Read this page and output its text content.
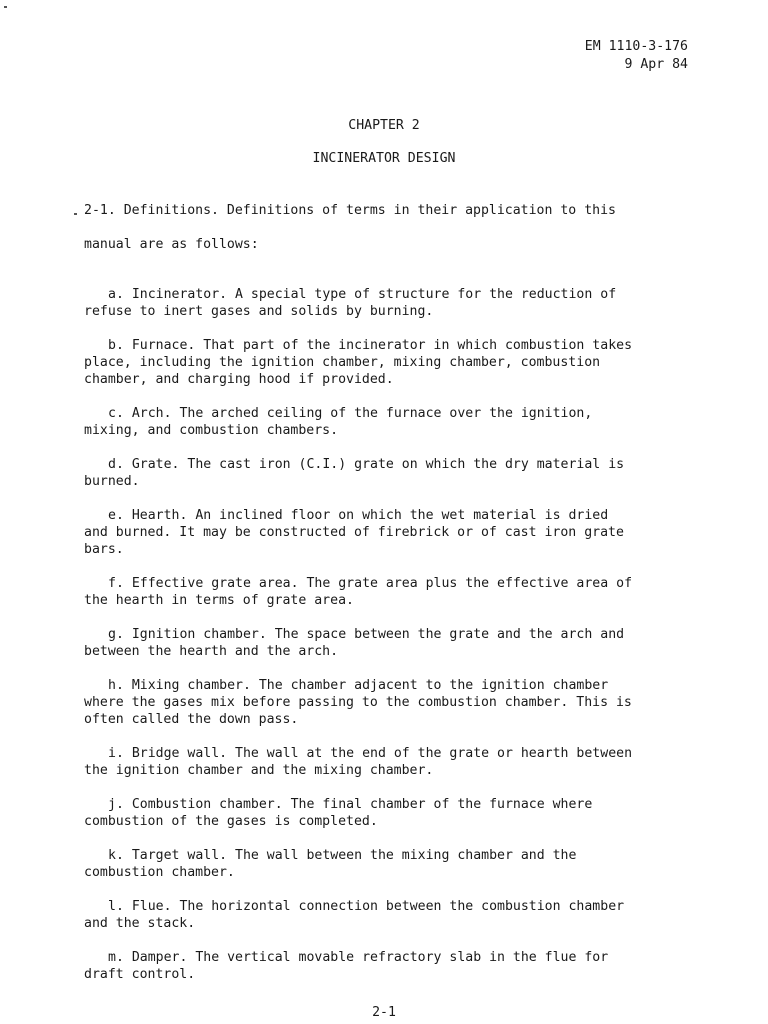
EM 1110-3-176
9 Apr 84
CHAPTER 2
INCINERATOR DESIGN

2-1. Definitions. Definitions of terms in their application to this

manual are as follows:

a. Incinerator. A special type of structure for the reduction of
refuse to inert gases and solids by burning.
b. Furnace. That part of the incinerator in which combustion takes
place, including the ignition chamber, mixing chamber, combustion
chamber, and charging hood if provided.
c. Arch. The arched ceiling of the furnace over the ignition,
mixing, and combustion chambers.
d. Grate. The cast iron (C.I.) grate on which the dry material is
burned.
e. Hearth. An inclined floor on which the wet material is dried
and burned. It may be constructed of firebrick or of cast iron grate
bars.
f. Effective grate area. The grate area plus the effective area of
the hearth in terms of grate area.
g. Ignition chamber. The space between the grate and the arch and
between the hearth and the arch.
h. Mixing chamber. The chamber adjacent to the ignition chamber
where the gases mix before passing to the combustion chamber. This is
often called the down pass.
i. Bridge wall. The wall at the end of the grate or hearth between
the ignition chamber and the mixing chamber.
j. Combustion chamber. The final chamber of the furnace where
combustion of the gases is completed.
k. Target wall. The wall between the mixing chamber and the
combustion chamber.
l. Flue. The horizontal connection between the combustion chamber
and the stack.
m. Damper. The vertical movable refractory slab in the flue for
draft control.
2-1
